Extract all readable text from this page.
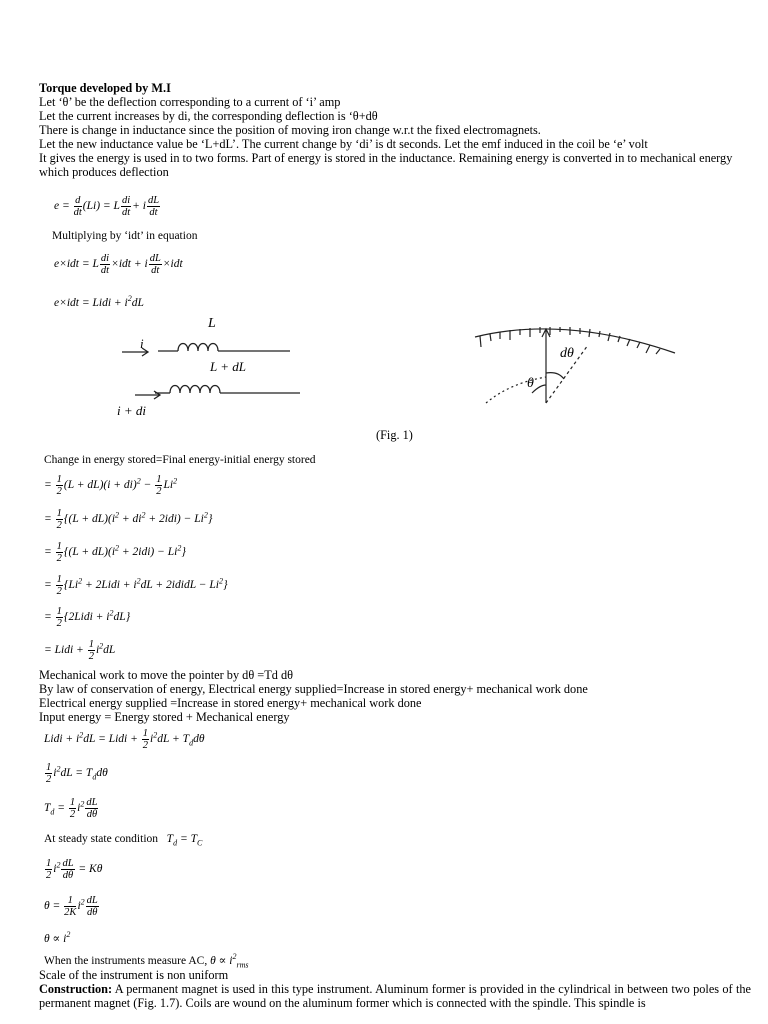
Torque developed by M.I
Let ‘θ’ be the deflection corresponding to a current of ‘i’ amp
Let the current increases by di, the corresponding deflection is ‘θ+dθ
There is change in inductance since the position of moving iron change w.r.t the fixed electromagnets.
Let the new inductance value be ‘L+dL’. The current change by ‘di’ is dt seconds. Let the emf induced in the coil be ‘e’ volt
It gives the energy is used in to two forms. Part of energy is stored in the inductance. Remaining energy is converted in to mechanical energy which produces deflection
$e = \frac{d}{dt} (Li) = L \frac{di}{dt} + i \frac{dL}{dt}$
Multiplying by ‘idt’ in equation
e×idt = L $\frac{di}{dt} \times idt + i \frac{dL}{dt} \times idt$
e×idt = Lidi + $i^2dL$
L
i
L + dL
i + di
dθ
θ
(Fig. 1)
Change in energy stored=Final energy-initial energy stored
= $\frac{1}{2} (L + dL)(i + di)^2 - \frac{1}{2} Li^2$
= $\frac{1}{2} \{(L + dL)(i^2 + di^2 + 2idi) - Li^2\}$
= $\frac{1}{2} \{(L + dL)(i^2 + 2idi) - Li^2\}$
= $\frac{1}{2} \{Li^2$ + 2Lidi + $i^2dL$ + 2ididL − $Li^2$}
= $\frac{1}{2}$ {2Lidi + $i^2dL$}
= Lidi + $\frac{1}{2} i^2dL$
Mechanical work to move the pointer by dθ =Td dθ
By law of conservation of energy, Electrical energy supplied=Increase in stored energy+ mechanical work done
Electrical energy supplied =Increase in stored energy+ mechanical work done
Input energy = Energy stored + Mechanical energy
Lidi + $i^2dL$ = Lidi + $\frac{1}{2} i^2dL + T_dd\theta$
$\frac{1}{2} i^2dL = T_dd\theta$
$T_d = \frac{1}{2} i^2 \frac{dL}{d\theta}$
At steady state condition   $T_d = T_C$
$\frac{1}{2} i^2 \frac{dL}{d\theta} = K\theta$
$\theta = \frac{1}{2K} i^2 \frac{dL}{d\theta}$
$\theta \propto i^2$
When the instruments measure AC, $\theta \propto i^2_{rms}$
Scale of the instrument is non uniform
Construction: A permanent magnet is used in this type instrument. Aluminum former is provided in the cylindrical in between two poles of the permanent magnet (Fig. 1.7). Coils are wound on the aluminum former which is connected with the spindle. This spindle is
